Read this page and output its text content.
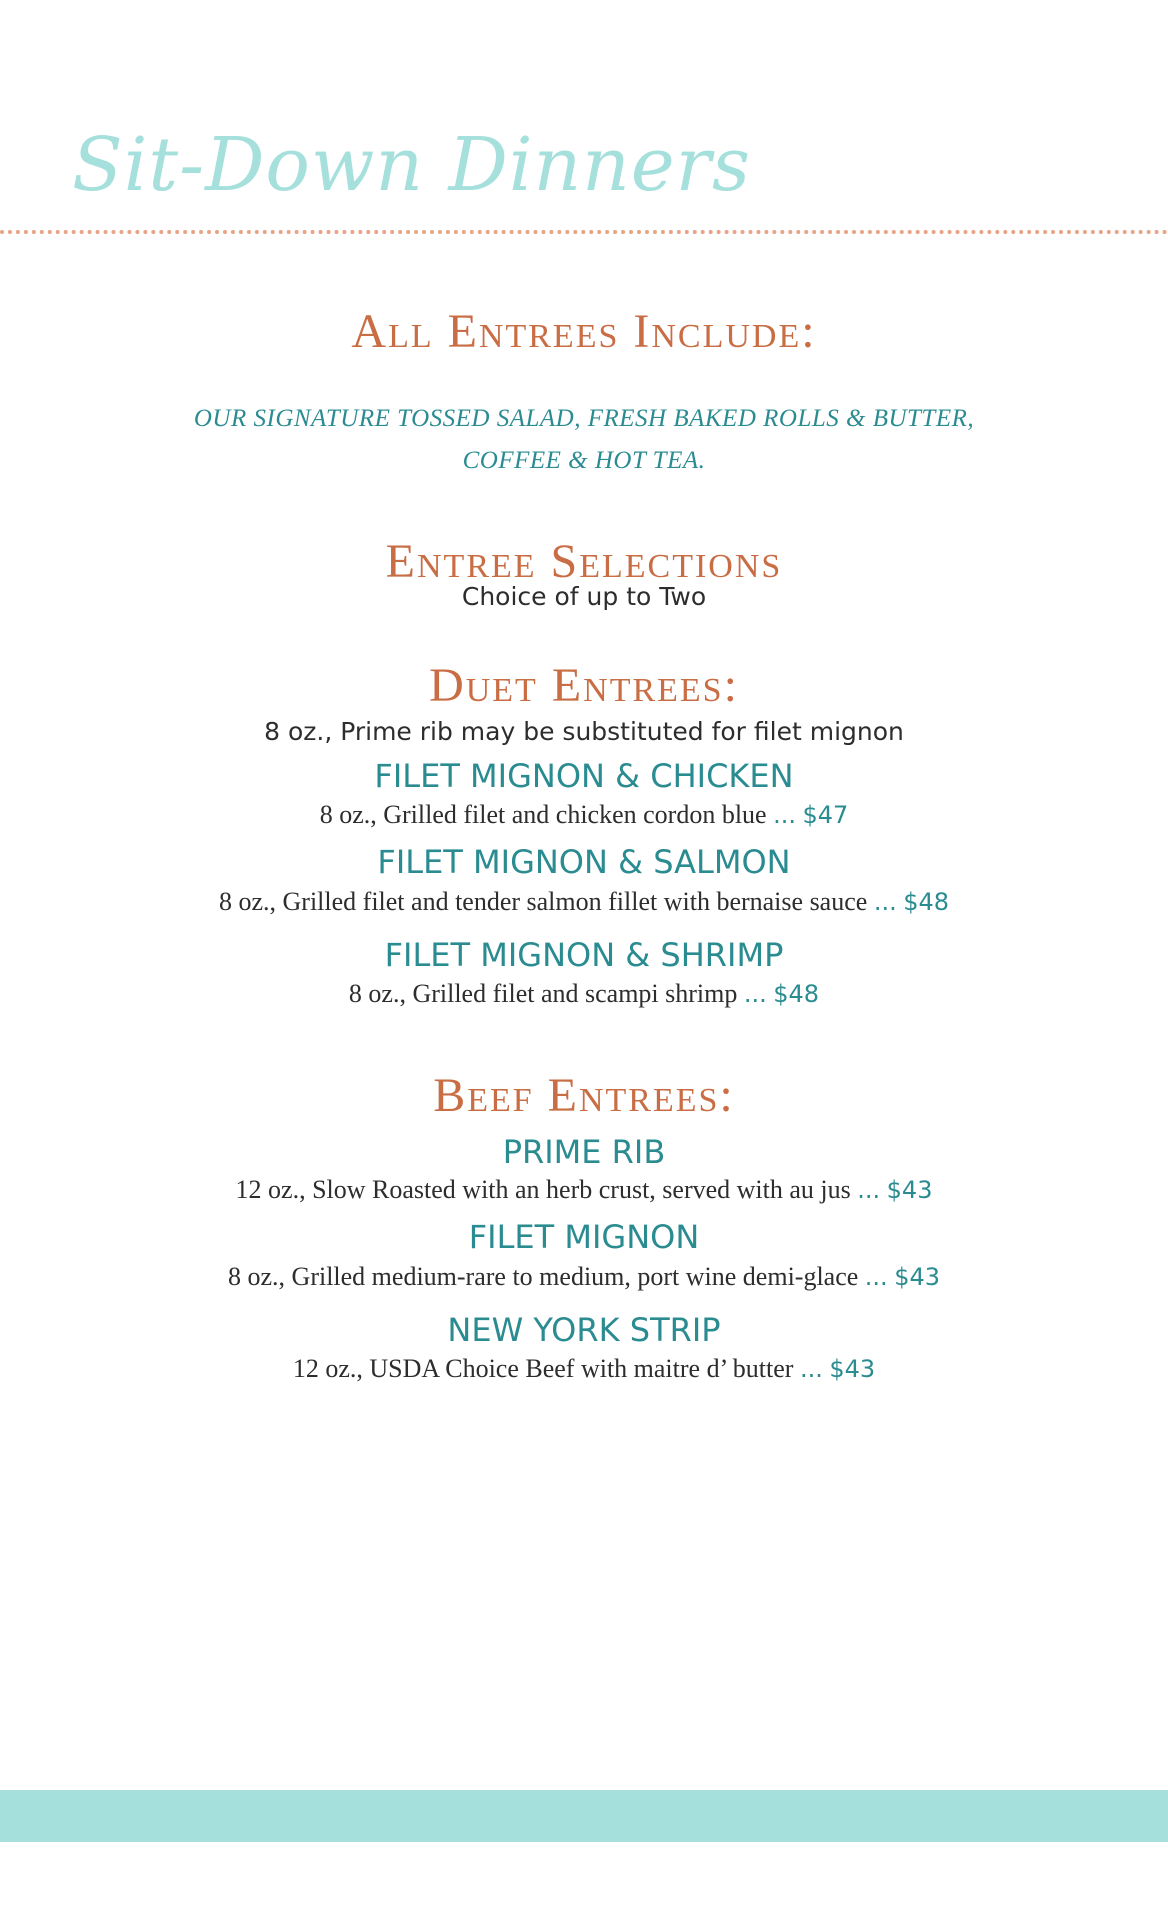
Sit-Down Dinners
All Entrees Include:
OUR SIGNATURE TOSSED SALAD, FRESH BAKED ROLLS & BUTTER,
COFFEE & HOT TEA.
Entree Selections
Choice of up to Two
Duet Entrees:
8 oz., Prime rib may be substituted for filet mignon
FILET MIGNON & CHICKEN
8 oz., Grilled filet and chicken cordon blue ... $47
FILET MIGNON & SALMON
8 oz., Grilled filet and tender salmon fillet with bernaise sauce ... $48
FILET MIGNON & SHRIMP
8 oz., Grilled filet and scampi shrimp ... $48
Beef Entrees:
PRIME RIB
12 oz., Slow Roasted with an herb crust, served with au jus ... $43
FILET MIGNON
8 oz., Grilled medium-rare to medium, port wine demi-glace ... $43
NEW YORK STRIP
12 oz., USDA Choice Beef with maitre d’ butter ... $43
